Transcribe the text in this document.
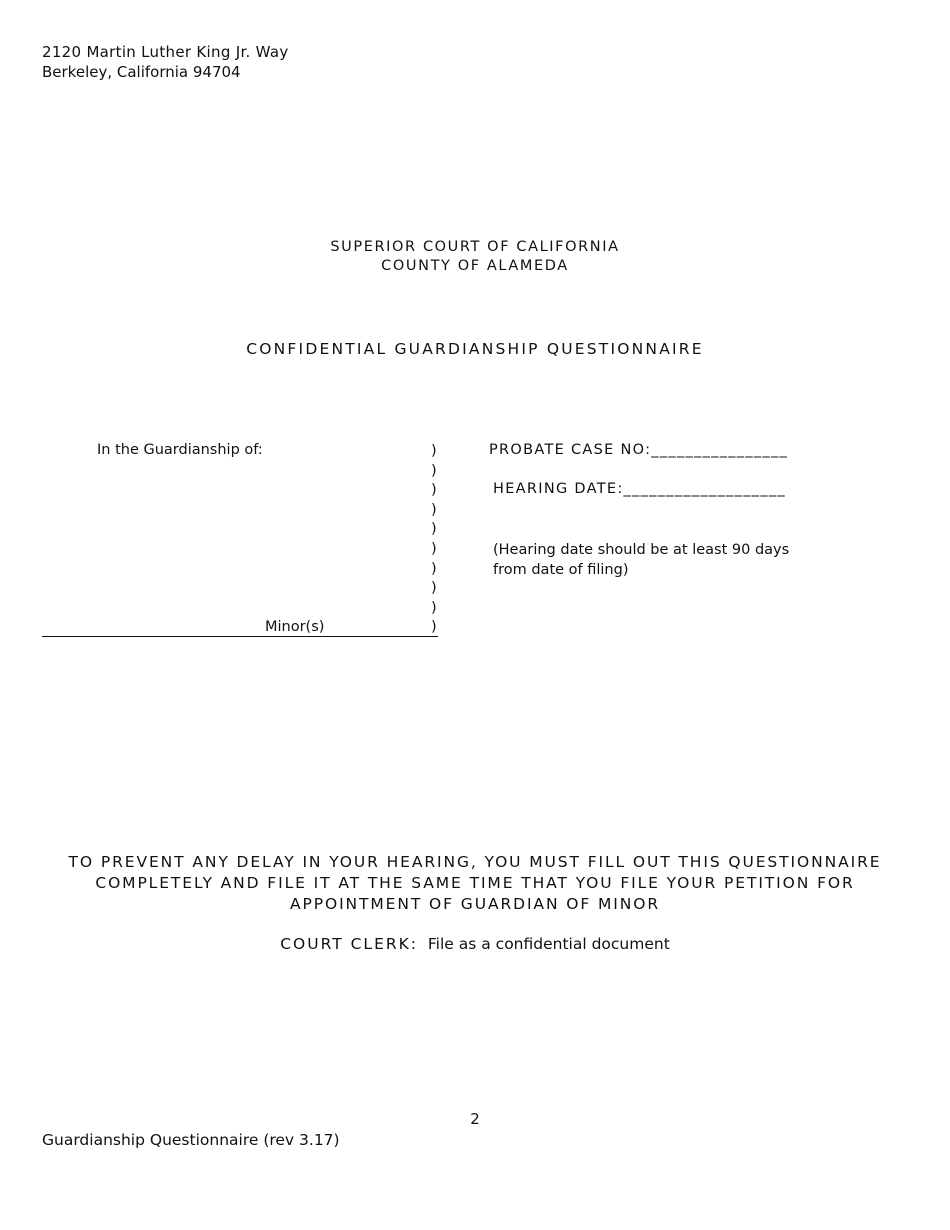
2120 Martin Luther King Jr. Way
Berkeley, California 94704
SUPERIOR COURT OF CALIFORNIA
COUNTY OF ALAMEDA
CONFIDENTIAL GUARDIANSHIP QUESTIONNAIRE
In the Guardianship of:	)
)
)
)
)
)
)
)
)
)
Minor(s)
PROBATE CASE NO:________________
HEARING DATE:___________________
(Hearing date should be at least 90 days
from date of filing)
TO PREVENT ANY DELAY IN YOUR HEARING, YOU MUST FILL OUT THIS QUESTIONNAIRE
COMPLETELY AND FILE IT AT THE SAME TIME THAT YOU FILE YOUR PETITION FOR
APPOINTMENT OF GUARDIAN OF MINOR
COURT CLERK: File as a confidential document
2
Guardianship Questionnaire (rev 3.17)
